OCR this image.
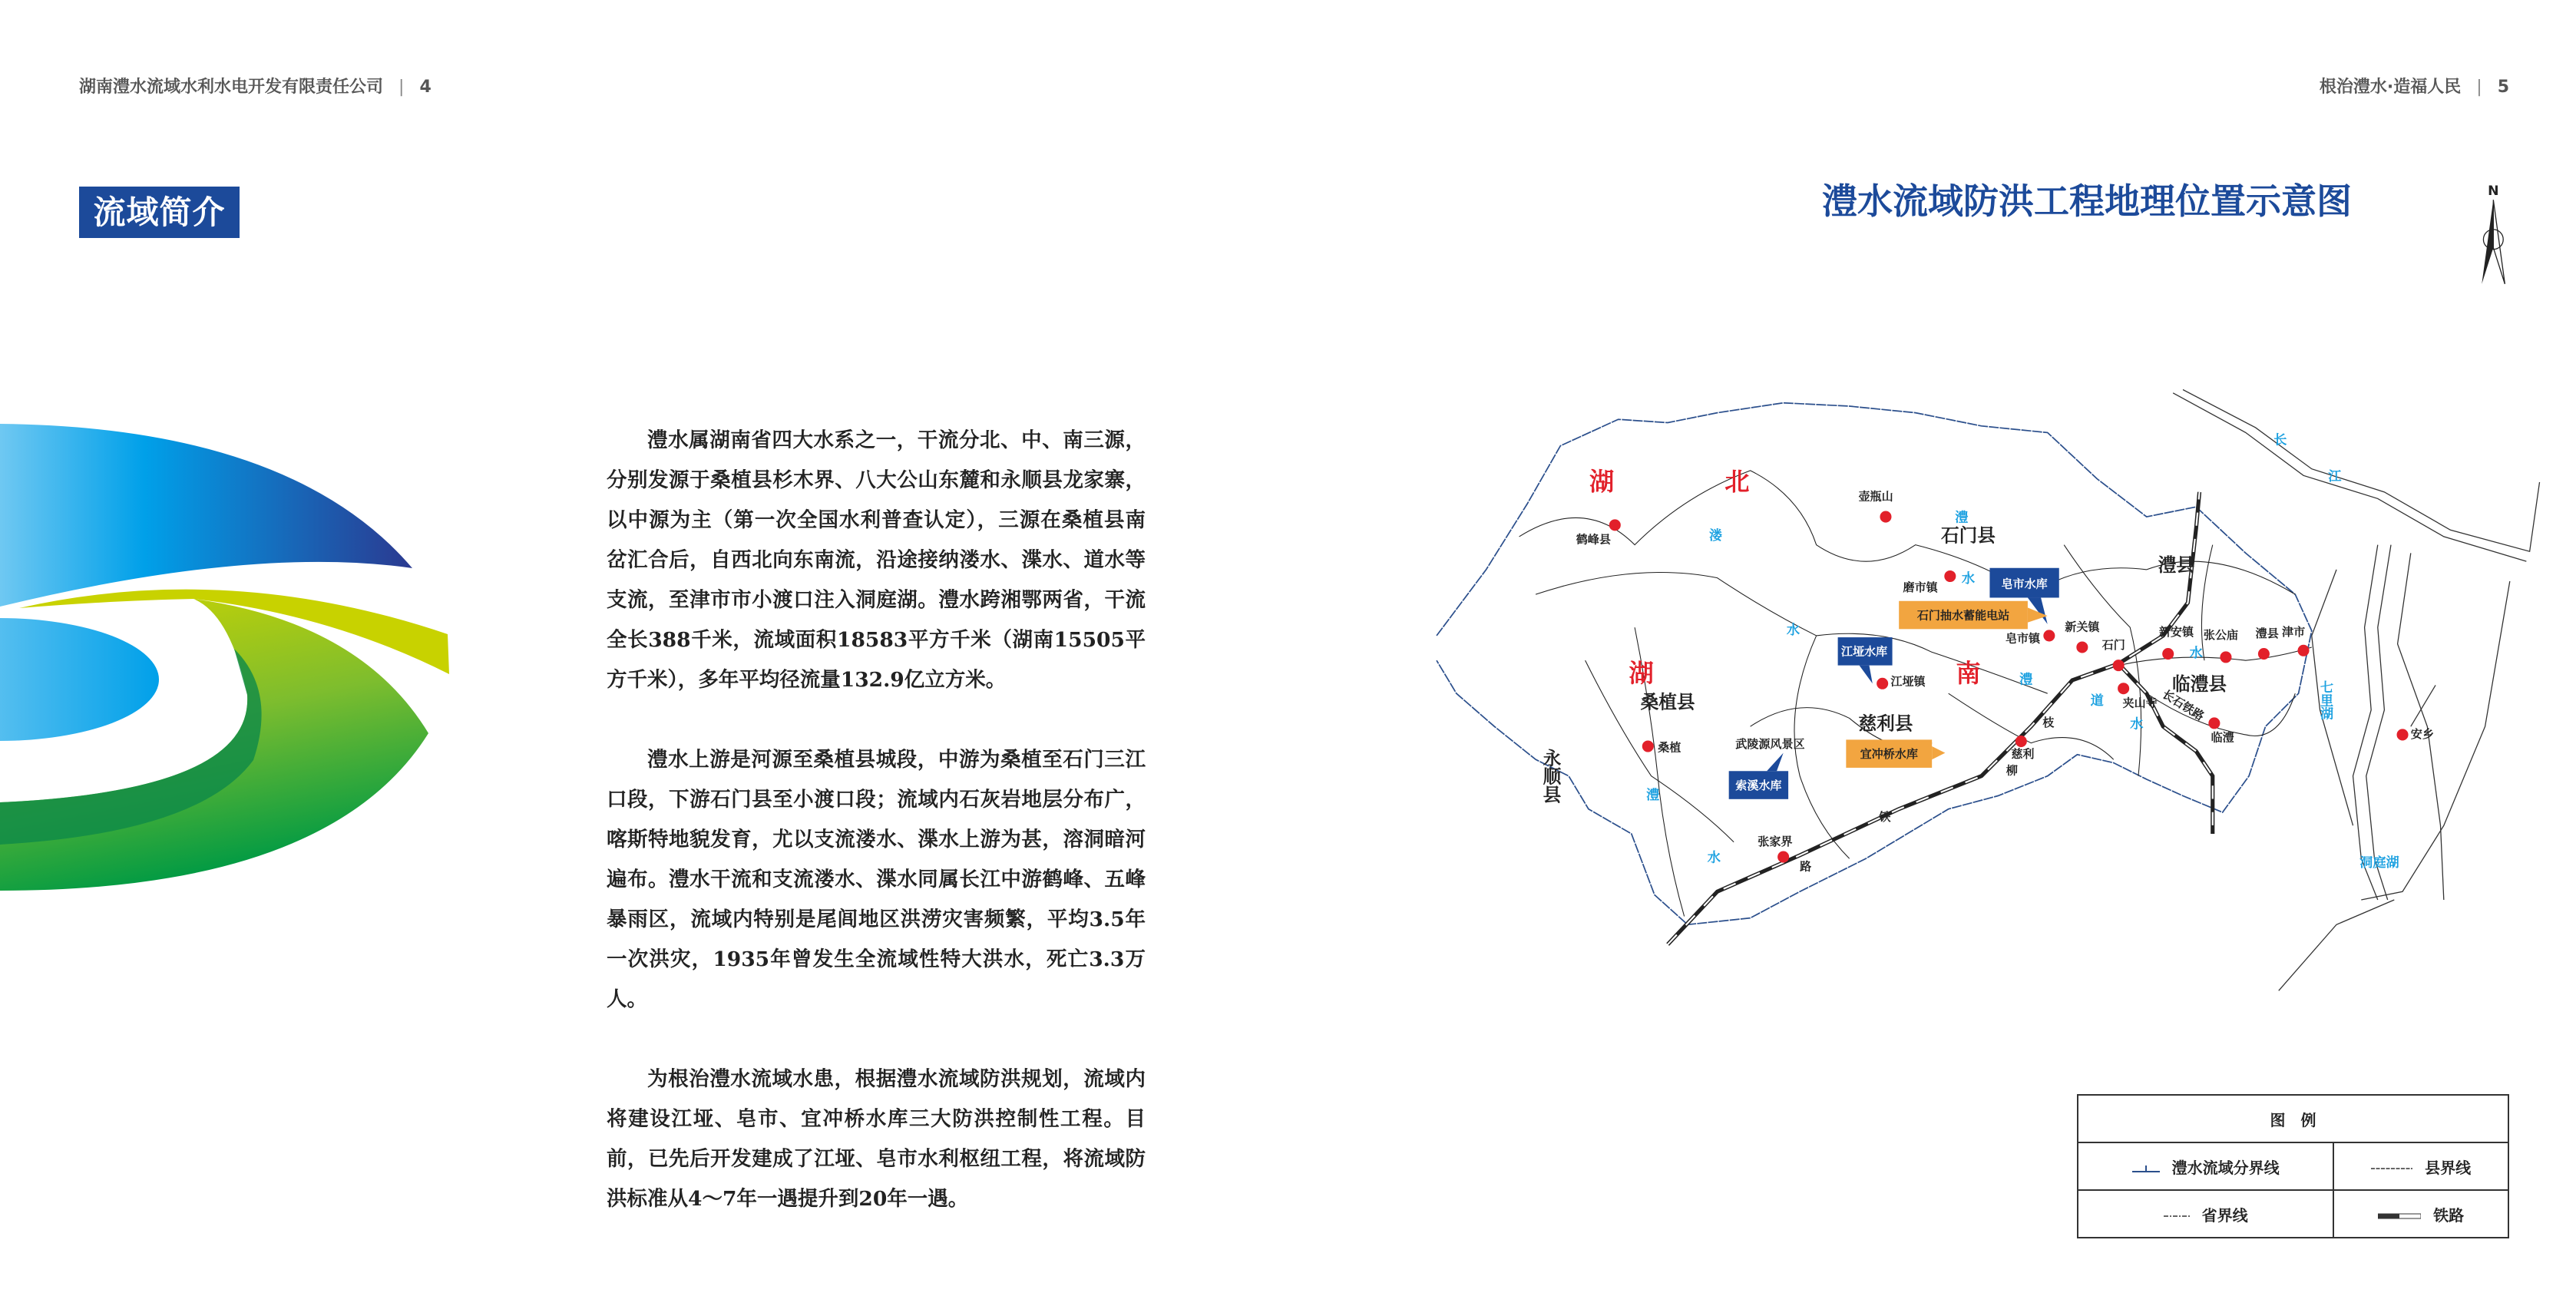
湖南澧水流域水利水电开发有限责任公司 | 4	根治澧水·造福人民 | 5
流域简介

澧水属湖南省四大水系之一，干流分北、中、南三源，分别发源于桑植县杉木界、八大公山东麓和永顺县龙家寨，以中源为主（第一次全国水利普查认定），三源在桑植县南岔汇合后，自西北向东南流，沿途接纳溇水、渫水、道水等支流，至津市市小渡口注入洞庭湖。澧水跨湘鄂两省，干流全长388千米，流域面积18583平方千米（湖南15505平方千米），多年平均径流量132.9亿立方米。

澧水上游是河源至桑植县城段，中游为桑植至石门三江口段，下游石门县至小渡口段；流域内石灰岩地层分布广，喀斯特地貌发育，尤以支流溇水、渫水上游为甚，溶洞暗河遍布。澧水干流和支流溇水、渫水同属长江中游鹤峰、五峰暴雨区，流域内特别是尾闾地区洪涝灾害频繁，平均3.5年一次洪灾，1935年曾发生全流域性特大洪水，死亡3.3万人。

为根治澧水流域水患，根据澧水流域防洪规划，流域内将建设江垭、皂市、宜冲桥水库三大防洪控制性工程。目前，已先后开发建成了江垭、皂市水利枢纽工程，将流域防洪标准从4～7年一遇提升到20年一遇。

澧水流域防洪工程地理位置示意图	N
湖	北
湖	南
石门县
澧县
桑植县
慈利县
临澧县
永顺县
鹤峰县
壶瓶山
磨市镇
皂市镇
新关镇
石门
新安镇 张公庙	澧县 津市
江垭镇
夹山寺
临澧
桑植	慈利
张家界
安乡
武陵源风景区
溇
水
澧
水
澧
道
水
水
澧
水
长
江
七里湖
洞庭湖
皂市水库
石门抽水蓄能电站
江垭水库
宜冲桥水库
索溪水库
长石铁路
枝
柳
铁
路
图　例	
澧水流域分界线	县界线
省界线	铁路
